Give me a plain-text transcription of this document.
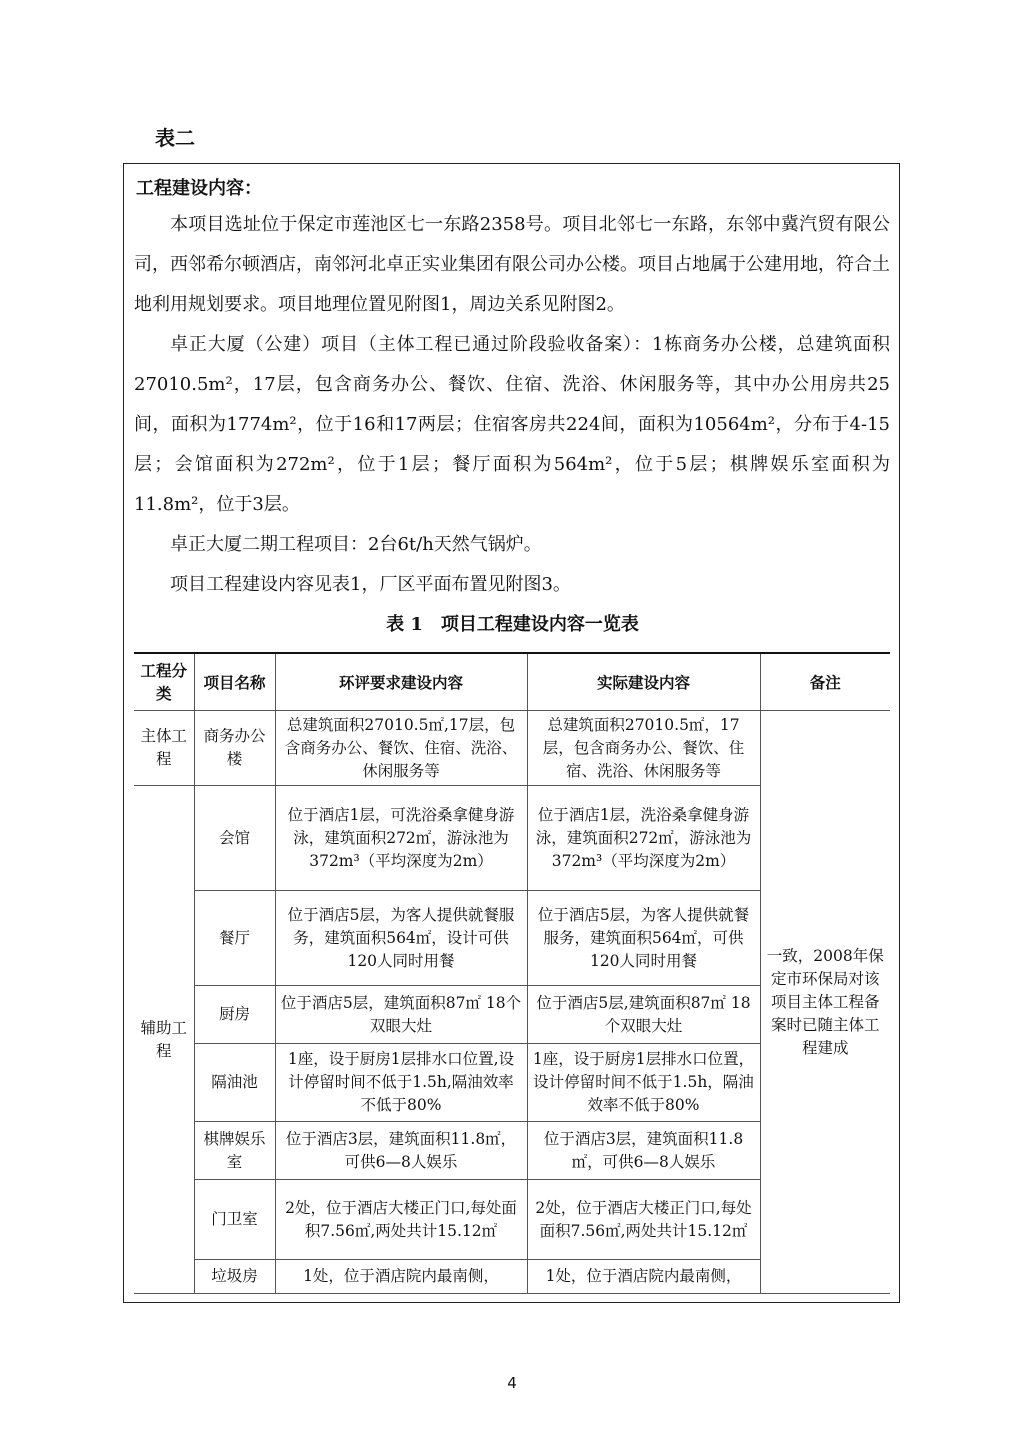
表二
工程建设内容：

本项目选址位于保定市莲池区七一东路2358号。项目北邻七一东路，东邻中冀汽贸有限公司，西邻希尔顿酒店，南邻河北卓正实业集团有限公司办公楼。项目占地属于公建用地，符合土地利用规划要求。项目地理位置见附图1，周边关系见附图2。

卓正大厦（公建）项目（主体工程已通过阶段验收备案）：1栋商务办公楼，总建筑面积27010.5m²，17层，包含商务办公、餐饮、住宿、洗浴、休闲服务等，其中办公用房共25间，面积为1774m²，位于16和17两层；住宿客房共224间，面积为10564m²，分布于4-15层；会馆面积为272m²，位于1层；餐厅面积为564m²，位于5层；棋牌娱乐室面积为11.8m²，位于3层。

卓正大厦二期工程项目：2台6t/h天然气锅炉。

项目工程建设内容见表1，厂区平面布置见附图3。

表 1　项目工程建设内容一览表
工程分类	项目名称	环评要求建设内容	实际建设内容	备注
主体工程	商务办公楼	总建筑面积27010.5㎡,17层，包含商务办公、餐饮、住宿、洗浴、休闲服务等	总建筑面积27010.5㎡，17层，包含商务办公、餐饮、住宿、洗浴、休闲服务等	一致，2008年保定市环保局对该项目主体工程备案时已随主体工程建成
辅助工程	会馆	位于酒店1层，可洗浴桑拿健身游泳，建筑面积272㎡，游泳池为372m³（平均深度为2m）	位于酒店1层，洗浴桑拿健身游泳，建筑面积272㎡，游泳池为372m³（平均深度为2m）	
	餐厅	位于酒店5层，为客人提供就餐服务，建筑面积564㎡，设计可供120人同时用餐	位于酒店5层，为客人提供就餐服务，建筑面积564㎡，可供120人同时用餐	
	厨房	位于酒店5层，建筑面积87㎡ 18个双眼大灶	位于酒店5层,建筑面积87㎡ 18个双眼大灶	
	隔油池	1座，设于厨房1层排水口位置,设计停留时间不低于1.5h,隔油效率不低于80%	1座，设于厨房1层排水口位置，设计停留时间不低于1.5h，隔油效率不低于80%	
	棋牌娱乐室	位于酒店3层，建筑面积11.8㎡，可供6—8人娱乐	位于酒店3层，建筑面积11.8㎡，可供6—8人娱乐	
	门卫室	2处，位于酒店大楼正门口,每处面积7.56㎡,两处共计15.12㎡	2处，位于酒店大楼正门口,每处面积7.56㎡,两处共计15.12㎡	
	垃圾房	1处，位于酒店院内最南侧，	1处，位于酒店院内最南侧，	
4
